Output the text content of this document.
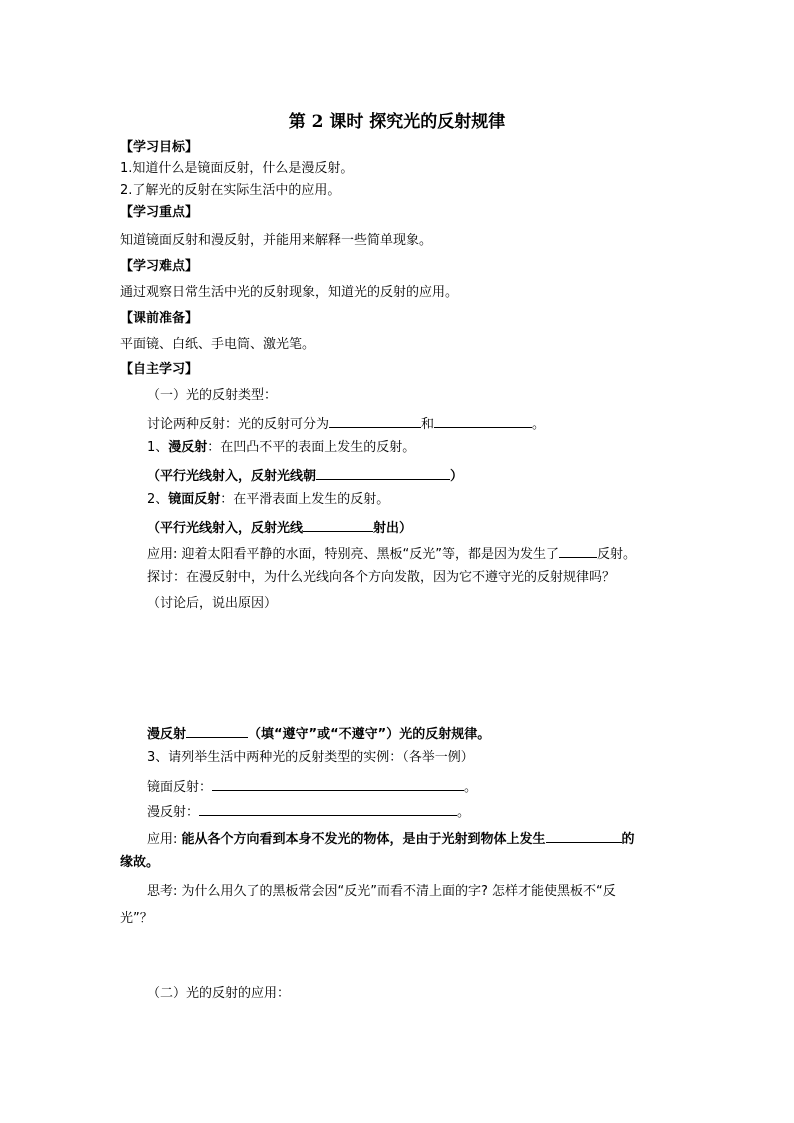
第 2 课时 探究光的反射规律
【学习目标】
1.知道什么是镜面反射，什么是漫反射。
2.了解光的反射在实际生活中的应用。
【学习重点】
知道镜面反射和漫反射，并能用来解释一些简单现象。
【学习难点】
通过观察日常生活中光的反射现象，知道光的反射的应用。
【课前准备】
平面镜、白纸、手电筒、激光笔。
【自主学习】
（一）光的反射类型：
讨论两种反射：光的反射可分为	和	。
1、漫反射：在凹凸不平的表面上发生的反射。
（平行光线射入，反射光线朝	）
2、镜面反射：在平滑表面上发生的反射。
（平行光线射入，反射光线	射出）
应用: 迎着太阳看平静的水面，特别亮、黑板“反光”等，都是因为发生了	反射。
探讨：在漫反射中，为什么光线向各个方向发散，因为它不遵守光的反射规律吗？
（讨论后，说出原因）
漫反射	（填“遵守”或“不遵守”）光的反射规律。
3、请列举生活中两种光的反射类型的实例：（各举一例）
镜面反射：	。
漫反射：	。
应用: 能从各个方向看到本身不发光的物体，是由于光射到物体上发生	的
缘故。
思考: 为什么用久了的黑板常会因“反光”而看不清上面的字? 怎样才能使黑板不“反
光”？
（二）光的反射的应用：
